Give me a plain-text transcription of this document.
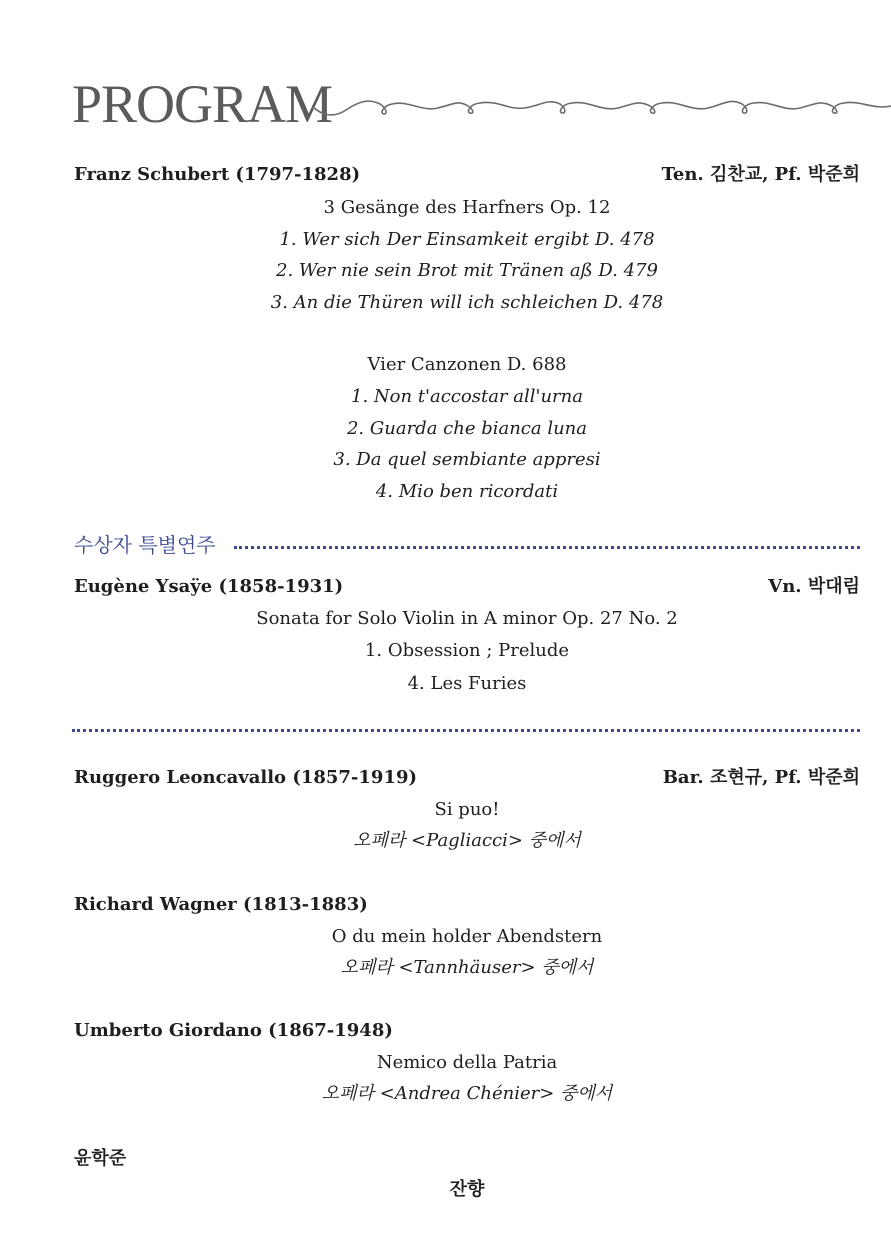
PROGRAM
Franz Schubert (1797-1828)	Ten. 김찬교, Pf. 박준희
3 Gesänge des Harfners Op. 12
1. Wer sich Der Einsamkeit ergibt D. 478
2. Wer nie sein Brot mit Tränen aß D. 479
3. An die Thüren will ich schleichen D. 478
Vier Canzonen D. 688
1. Non t'accostar all'urna
2. Guarda che bianca luna
3. Da quel sembiante appresi
4. Mio ben ricordati
수상자 특별연주
Eugène Ysaÿe (1858-1931)	Vn. 박대림
Sonata for Solo Violin in A minor Op. 27 No. 2
1. Obsession ; Prelude
4. Les Furies
Ruggero Leoncavallo (1857-1919)	Bar. 조현규, Pf. 박준희
Si puo!
오페라 <Pagliacci> 중에서
Richard Wagner (1813-1883)
O du mein holder Abendstern
오페라 <Tannhäuser> 중에서
Umberto Giordano (1867-1948)
Nemico della Patria
오페라 <Andrea Chénier> 중에서
윤학준
잔향
